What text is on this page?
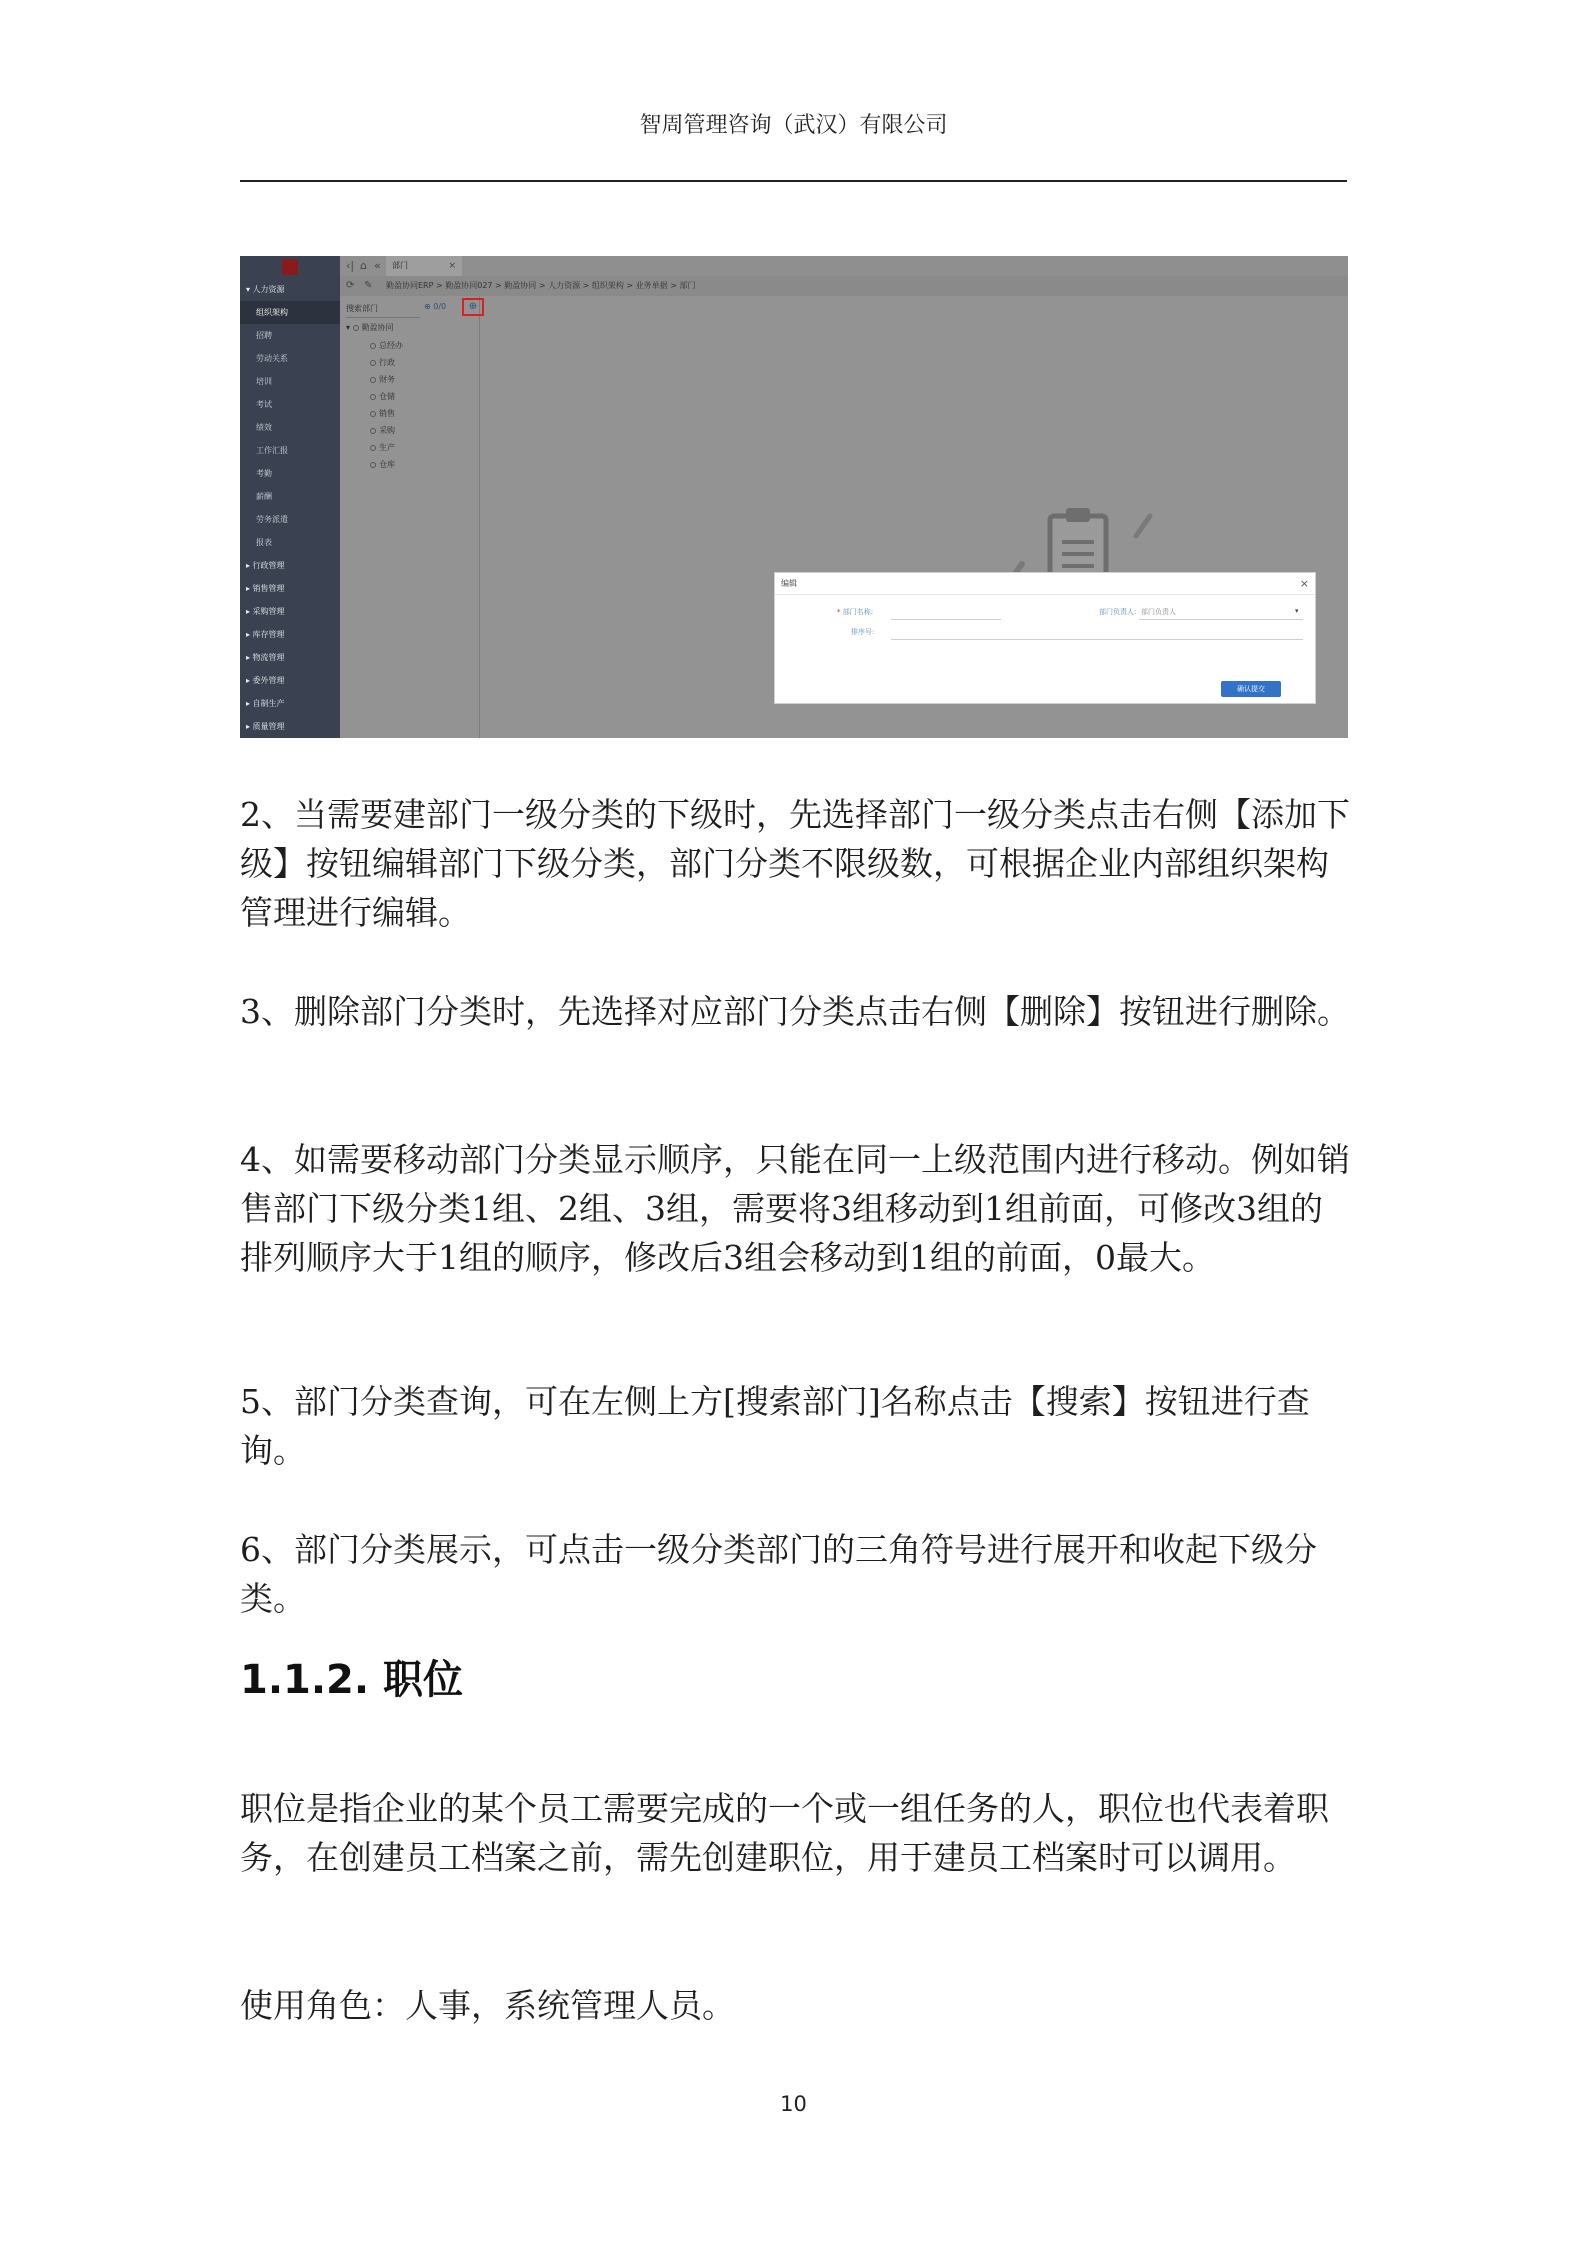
智周管理咨询（武汉）有限公司
▾ 人力资源
组织架构
招聘
劳动关系
培训
考试
绩效
工作汇报
考勤
薪酬
劳务派遣
报表
▸ 行政管理
▸ 销售管理
▸ 采购管理
▸ 库存管理
▸ 物流管理
▸ 委外管理
▸ 自制生产
▸ 质量管理
‹| ⌂ «	部门	×
⟳ ✎ 勤盈协同ERP > 勤盈协同027 > 勤盈协同 > 人力资源 > 组织架构 > 业务单据 > 部门
搜索部门	⊕ 0/0	⊕
▾ 勤盈协同
总经办
行政
财务
仓储
销售
采购
生产
仓库
编辑	×
* 部门名称:	部门负责人: 部门负责人	▾
排序号:
确认提交

2、当需要建部门一级分类的下级时，先选择部门一级分类点击右侧【添加下级】按钮编辑部门下级分类，部门分类不限级数，可根据企业内部组织架构管理进行编辑。

3、删除部门分类时，先选择对应部门分类点击右侧【删除】按钮进行删除。

4、如需要移动部门分类显示顺序，只能在同一上级范围内进行移动。例如销售部门下级分类1组、2组、3组，需要将3组移动到1组前面，可修改3组的排列顺序大于1组的顺序，修改后3组会移动到1组的前面，0最大。

5、部门分类查询，可在左侧上方[搜索部门]名称点击【搜索】按钮进行查询。

6、部门分类展示，可点击一级分类部门的三角符号进行展开和收起下级分类。

1.1.2. 职位

职位是指企业的某个员工需要完成的一个或一组任务的人，职位也代表着职务，在创建员工档案之前，需先创建职位，用于建员工档案时可以调用。

使用角色：人事，系统管理人员。

10
